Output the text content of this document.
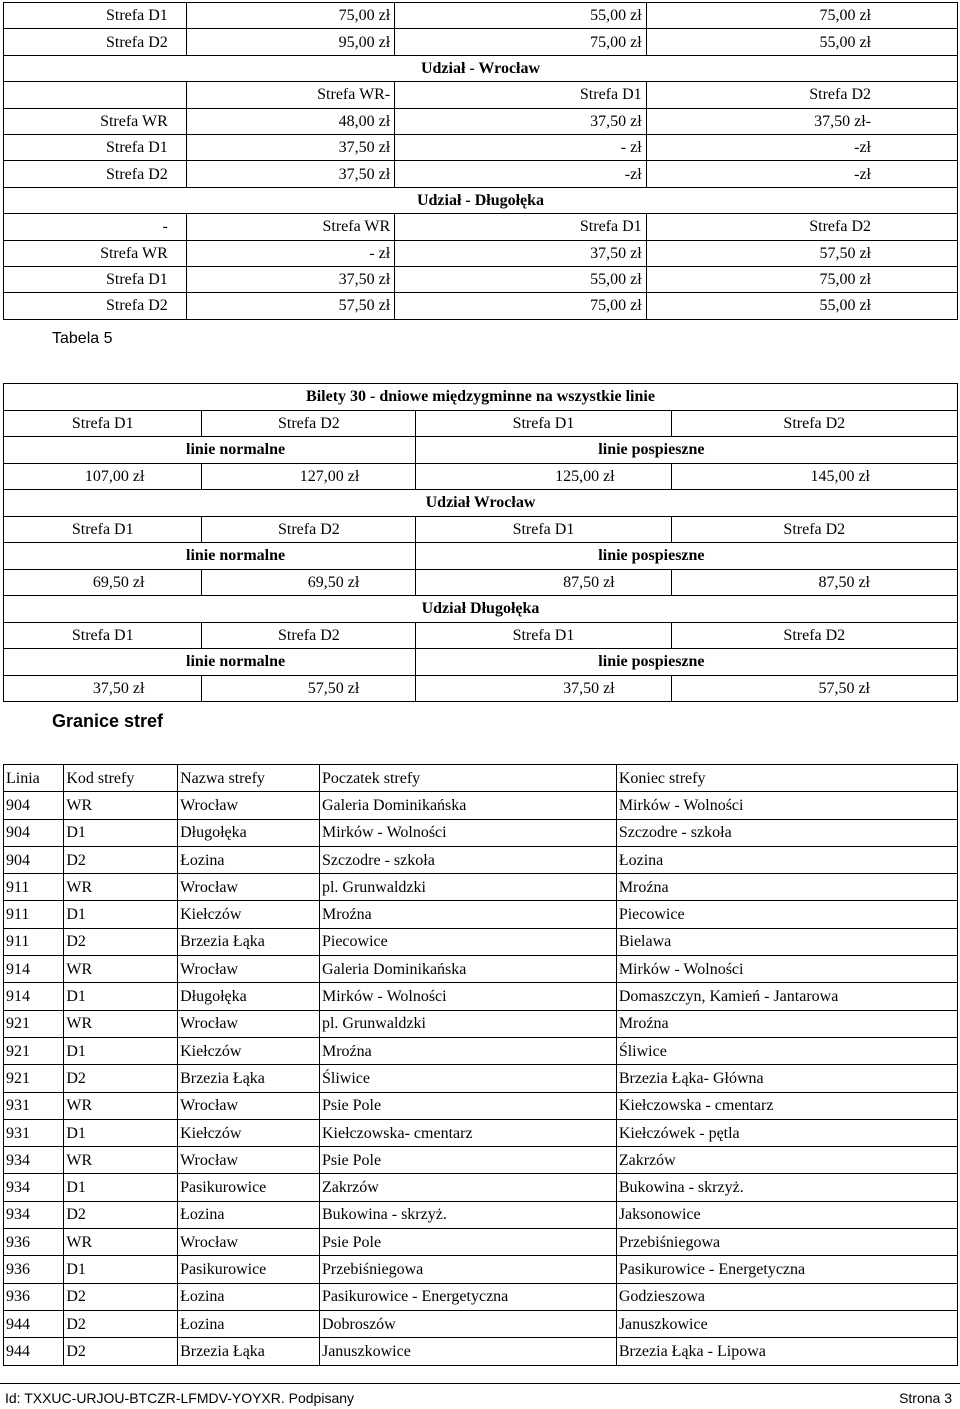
Strefa D1	75,00 zł	55,00 zł	75,00 zł
Strefa D2	95,00 zł	75,00 zł	55,00 zł
Udział - Wrocław			
	Strefa WR-	Strefa D1	Strefa D2
Strefa WR	48,00 zł	37,50 zł	37,50 zł-
Strefa D1	37,50 zł	- zł	-zł
Strefa D2	37,50 zł	-zł	-zł
Udział - Długołęka			
-	Strefa WR	Strefa D1	Strefa D2
Strefa WR	- zł	37,50 zł	57,50 zł
Strefa D1	37,50 zł	55,00 zł	75,00 zł
Strefa D2	57,50 zł	75,00 zł	55,00 zł
Tabela 5
Bilety 30 - dniowe międzygminne na wszystkie linie			
Strefa D1	Strefa D2	Strefa D1	Strefa D2
linie normalne		linie pospieszne	
107,00 zł	127,00 zł	125,00 zł	145,00 zł
Udział Wrocław			
Strefa D1	Strefa D2	Strefa D1	Strefa D2
linie normalne		linie pospieszne	
69,50 zł	69,50 zł	87,50 zł	87,50 zł
Udział Długołęka			
Strefa D1	Strefa D2	Strefa D1	Strefa D2
linie normalne		linie pospieszne	
37,50 zł	57,50 zł	37,50 zł	57,50 zł
Granice stref
Linia	Kod strefy	Nazwa strefy	Poczatek strefy	Koniec strefy
904	WR	Wrocław	Galeria Dominikańska	Mirków - Wolności
904	D1	Długołęka	Mirków - Wolności	Szczodre - szkoła
904	D2	Łozina	Szczodre - szkoła	Łozina
911	WR	Wrocław	pl. Grunwaldzki	Mroźna
911	D1	Kiełczów	Mroźna	Piecowice
911	D2	Brzezia Łąka	Piecowice	Bielawa
914	WR	Wrocław	Galeria Dominikańska	Mirków - Wolności
914	D1	Długołęka	Mirków - Wolności	Domaszczyn, Kamień - Jantarowa
921	WR	Wrocław	pl. Grunwaldzki	Mroźna
921	D1	Kiełczów	Mroźna	Śliwice
921	D2	Brzezia Łąka	Śliwice	Brzezia Łąka- Główna
931	WR	Wrocław	Psie Pole	Kiełczowska - cmentarz
931	D1	Kiełczów	Kiełczowska- cmentarz	Kiełczówek - pętla
934	WR	Wrocław	Psie Pole	Zakrzów
934	D1	Pasikurowice	Zakrzów	Bukowina - skrzyż.
934	D2	Łozina	Bukowina - skrzyż.	Jaksonowice
936	WR	Wrocław	Psie Pole	Przebiśniegowa
936	D1	Pasikurowice	Przebiśniegowa	Pasikurowice - Energetyczna
936	D2	Łozina	Pasikurowice - Energetyczna	Godzieszowa
944	D2	Łozina	Dobroszów	Januszkowice
944	D2	Brzezia Łąka	Januszkowice	Brzezia Łąka - Lipowa
Id: TXXUC-URJOU-BTCZR-LFMDV-YOYXR. Podpisany	Strona 3
